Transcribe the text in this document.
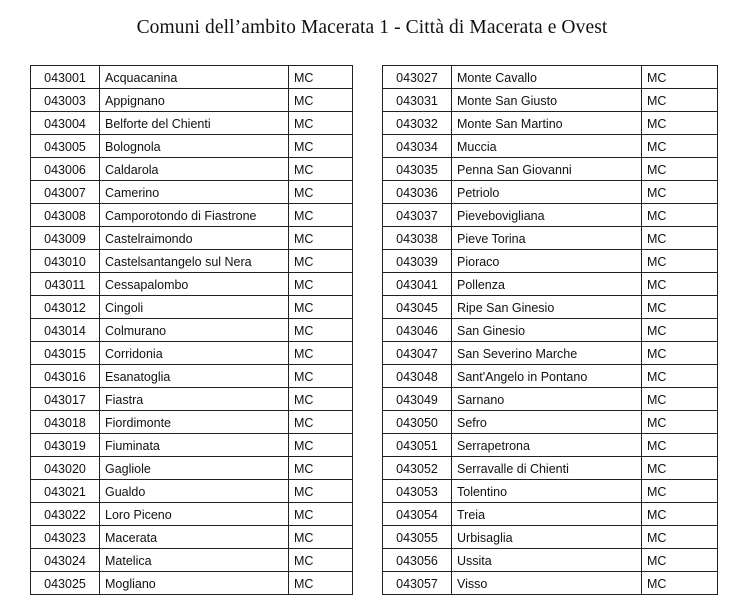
Comuni dell’ambito Macerata 1 - Città di Macerata e Ovest
043001	Acquacanina	MC
043003	Appignano	MC
043004	Belforte del Chienti	MC
043005	Bolognola	MC
043006	Caldarola	MC
043007	Camerino	MC
043008	Camporotondo di Fiastrone	MC
043009	Castelraimondo	MC
043010	Castelsantangelo sul Nera	MC
043011	Cessapalombo	MC
043012	Cingoli	MC
043014	Colmurano	MC
043015	Corridonia	MC
043016	Esanatoglia	MC
043017	Fiastra	MC
043018	Fiordimonte	MC
043019	Fiuminata	MC
043020	Gagliole	MC
043021	Gualdo	MC
043022	Loro Piceno	MC
043023	Macerata	MC
043024	Matelica	MC
043025	Mogliano	MC
043027	Monte Cavallo	MC
043031	Monte San Giusto	MC
043032	Monte San Martino	MC
043034	Muccia	MC
043035	Penna San Giovanni	MC
043036	Petriolo	MC
043037	Pievebovigliana	MC
043038	Pieve Torina	MC
043039	Pioraco	MC
043041	Pollenza	MC
043045	Ripe San Ginesio	MC
043046	San Ginesio	MC
043047	San Severino Marche	MC
043048	Sant'Angelo in Pontano	MC
043049	Sarnano	MC
043050	Sefro	MC
043051	Serrapetrona	MC
043052	Serravalle di Chienti	MC
043053	Tolentino	MC
043054	Treia	MC
043055	Urbisaglia	MC
043056	Ussita	MC
043057	Visso	MC
